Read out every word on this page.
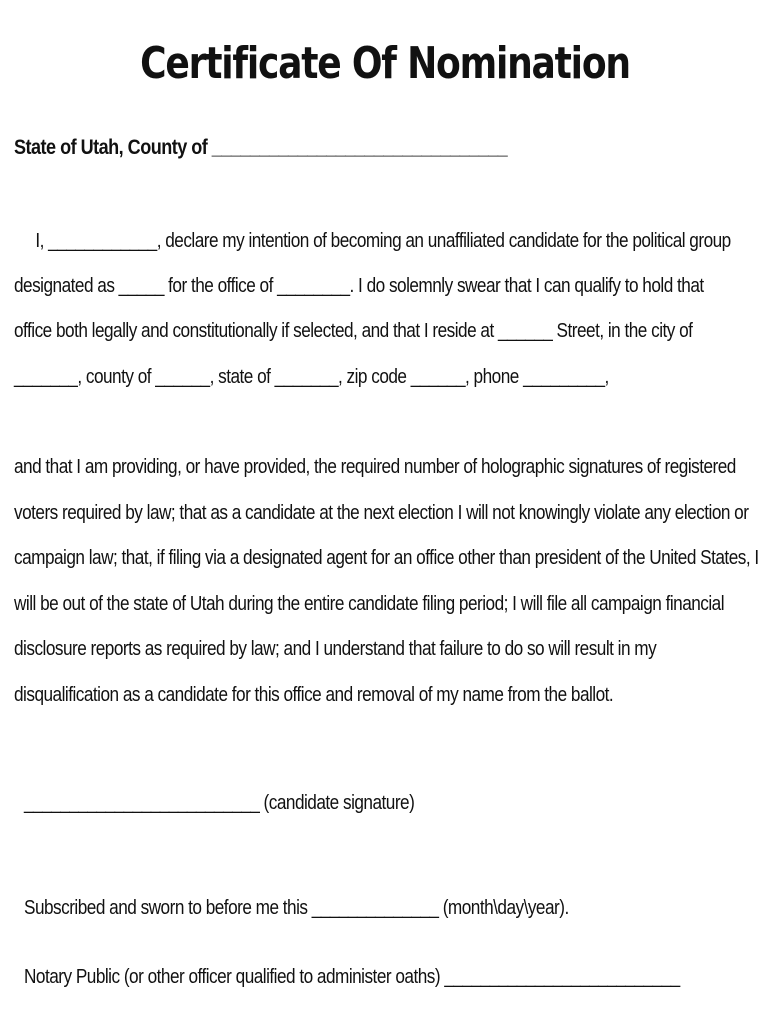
Certificate Of Nomination
State of Utah, County of _______________________________
I, ____________, declare my intention of becoming an unaffiliated candidate for the political group
designated as _____ for the office of ________. I do solemnly swear that I can qualify to hold that
office both legally and constitutionally if selected, and that I reside at ______ Street, in the city of
_______, county of ______, state of _______, zip code ______, phone _________,
and that I am providing, or have provided, the required number of holographic signatures of registered
voters required by law; that as a candidate at the next election I will not knowingly violate any election or
campaign law; that, if filing via a designated agent for an office other than president of the United States, I
will be out of the state of Utah during the entire candidate filing period; I will file all campaign financial
disclosure reports as required by law; and I understand that failure to do so will result in my
disqualification as a candidate for this office and removal of my name from the ballot.
__________________________ (candidate signature)
Subscribed and sworn to before me this ______________ (month\day\year).
Notary Public (or other officer qualified to administer oaths) __________________________
